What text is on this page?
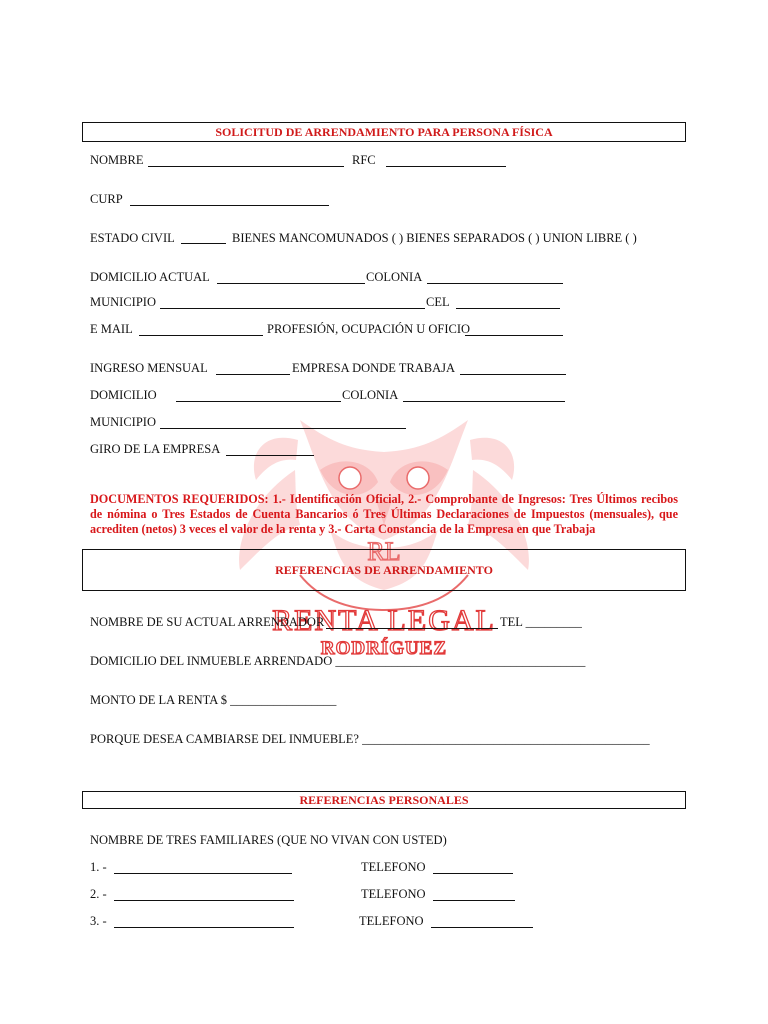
RL
RENTA LEGAL
RODRÍGUEZ
SOLICITUD DE ARRENDAMIENTO PARA PERSONA FÍSICA
NOMBRE	RFC
CURP
ESTADO CIVIL	BIENES MANCOMUNADOS ( ) BIENES SEPARADOS ( ) UNION LIBRE ( )
DOMICILIO ACTUAL	COLONIA
MUNICIPIO	CEL
E MAIL	PROFESIÓN, OCUPACIÓN U OFICIO
INGRESO MENSUAL	EMPRESA DONDE TRABAJA
DOMICILIO	COLONIA
MUNICIPIO
GIRO DE LA EMPRESA
DOCUMENTOS REQUERIDOS: 1.- Identificación Oficial, 2.- Comprobante de Ingresos: Tres Últimos recibos de nómina o Tres Estados de Cuenta Bancarios ó Tres Últimas Declaraciones de Impuestos (mensuales), que acrediten (netos) 3 veces el valor de la renta y 3.- Carta Constancia de la Empresa en que Trabaja
REFERENCIAS DE ARRENDAMIENTO
NOMBRE DE SU ACTUAL ARRENDADOR	TEL _________
DOMICILIO DEL INMUEBLE ARRENDADO ________________________________________
MONTO DE LA RENTA $ _________________
PORQUE DESEA CAMBIARSE DEL INMUEBLE? ______________________________________________
REFERENCIAS PERSONALES
NOMBRE DE TRES FAMILIARES (QUE NO VIVAN CON USTED)
1. -	TELEFONO
2. -	TELEFONO
3. -	TELEFONO
